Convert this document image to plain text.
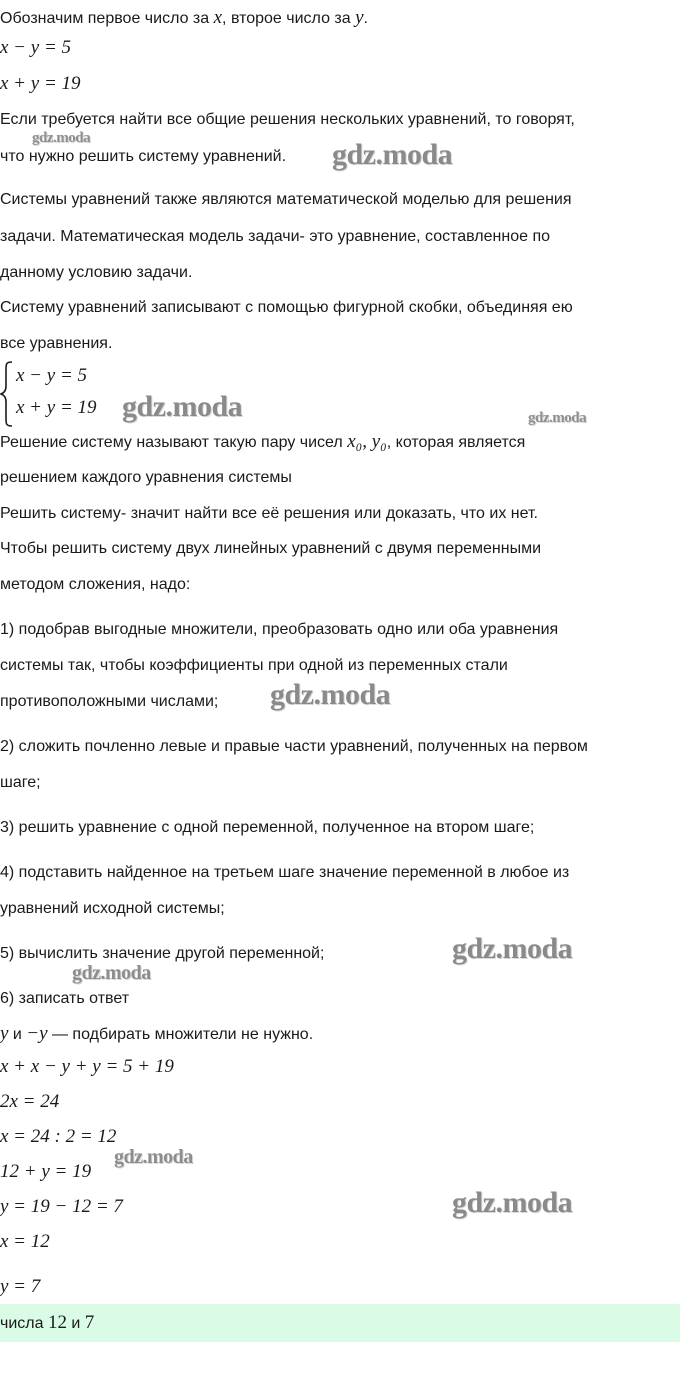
Обозначим первое число за x, второе число за y.
x − y = 5
x + y = 19
Если требуется найти все общие решения нескольких уравнений, то говорят,
что нужно решить систему уравнений.
Системы уравнений также являются математической моделью для решения
задачи. Математическая модель задачи- это уравнение, составленное по
данному условию задачи.
Систему уравнений записывают с помощью фигурной скобки, объединяя ею
все уравнения.
x − y = 5
x + y = 19
Решение систему называют такую пару чисел x₀, y₀, которая является
решением каждого уравнения системы
Решить систему- значит найти все её решения или доказать, что их нет.
Чтобы решить систему двух линейных уравнений с двумя переменными
методом сложения, надо:
1) подобрав выгодные множители, преобразовать одно или оба уравнения
системы так, чтобы коэффициенты при одной из переменных стали
противоположными числами;
2) сложить почленно левые и правые части уравнений, полученных на первом
шаге;
3) решить уравнение с одной переменной, полученное на втором шаге;
4) подставить найденное на третьем шаге значение переменной в любое из
уравнений исходной системы;
5) вычислить значение другой переменной;
6) записать ответ
y и −y — подбирать множители не нужно.
x + x − y + y = 5 + 19
2x = 24
x = 24 : 2 = 12
12 + y = 19
y = 19 − 12 = 7
x = 12
y = 7
числа 12 и 7
gdz.moda	gdz.moda
gdz.moda	gdz.moda
gdz.moda
gdz.moda
gdz.moda
gdz.moda
gdz.moda
